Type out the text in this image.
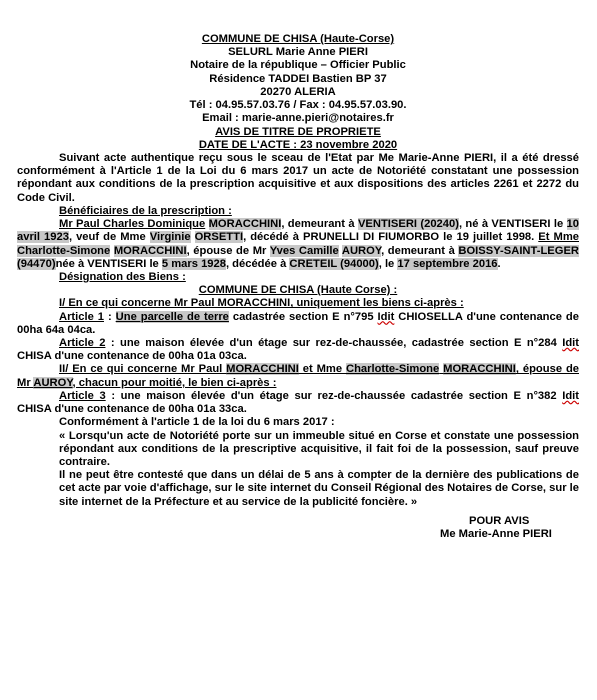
COMMUNE DE CHISA (Haute-Corse)

SELURL Marie Anne PIERI

Notaire de la république – Officier Public

Résidence TADDEI Bastien BP 37

20270 ALERIA

Tél : 04.95.57.03.76 / Fax : 04.95.57.03.90.

Email : marie-anne.pieri@notaires.fr

AVIS DE TITRE DE PROPRIETE

DATE DE L'ACTE : 23 novembre 2020

Suivant acte authentique reçu sous le sceau de l'Etat par Me Marie-Anne PIERI, il a été dressé conformément à l'Article 1 de la Loi du 6 mars 2017 un acte de Notoriété constatant une possession répondant aux conditions de la prescription acquisitive et aux dispositions des articles 2261 et 2272 du Code Civil.

Bénéficiaires de la prescription :

Mr Paul Charles Dominique MORACCHINI, demeurant à VENTISERI (20240), né à VENTISERI le 10 avril 1923, veuf de Mme Virginie ORSETTI, décédé à PRUNELLI DI FIUMORBO le 19 juillet 1998. Et Mme Charlotte-Simone MORACCHINI, épouse de Mr Yves Camille AUROY, demeurant à BOISSY-SAINT-LEGER (94470)née à VENTISERI le 5 mars 1928, décédée à CRETEIL (94000), le 17 septembre 2016.

Désignation des Biens :

COMMUNE DE CHISA (Haute Corse) :

I/ En ce qui concerne Mr Paul MORACCHINI, uniquement les biens ci-après :

Article 1 : Une parcelle de terre cadastrée section E n°795 Idit CHIOSELLA d'une contenance de 00ha 64a 04ca.

Article 2 : une maison élevée d'un étage sur rez-de-chaussée, cadastrée section E n°284 Idit CHISA d'une contenance de 00ha 01a 03ca.

II/ En ce qui concerne Mr Paul MORACCHINI et Mme Charlotte-Simone MORACCHINI, épouse de Mr AUROY, chacun pour moitié, le bien ci-après :

Article 3 : une maison élevée d'un étage sur rez-de-chaussée cadastrée section E n°382 Idit CHISA d'une contenance de 00ha 01a 33ca.

Conformément à l'article 1 de la loi du 6 mars 2017 :

« Lorsqu'un acte de Notoriété porte sur un immeuble situé en Corse et constate une possession répondant aux conditions de la prescriptive acquisitive, il fait foi de la possession, sauf preuve contraire.

Il ne peut être contesté que dans un délai de 5 ans à compter de la dernière des publications de cet acte par voie d'affichage, sur le site internet du Conseil Régional des Notaires de Corse, sur le site internet de la Préfecture et au service de la publicité foncière. »

POUR AVIS

Me Marie-Anne PIERI
